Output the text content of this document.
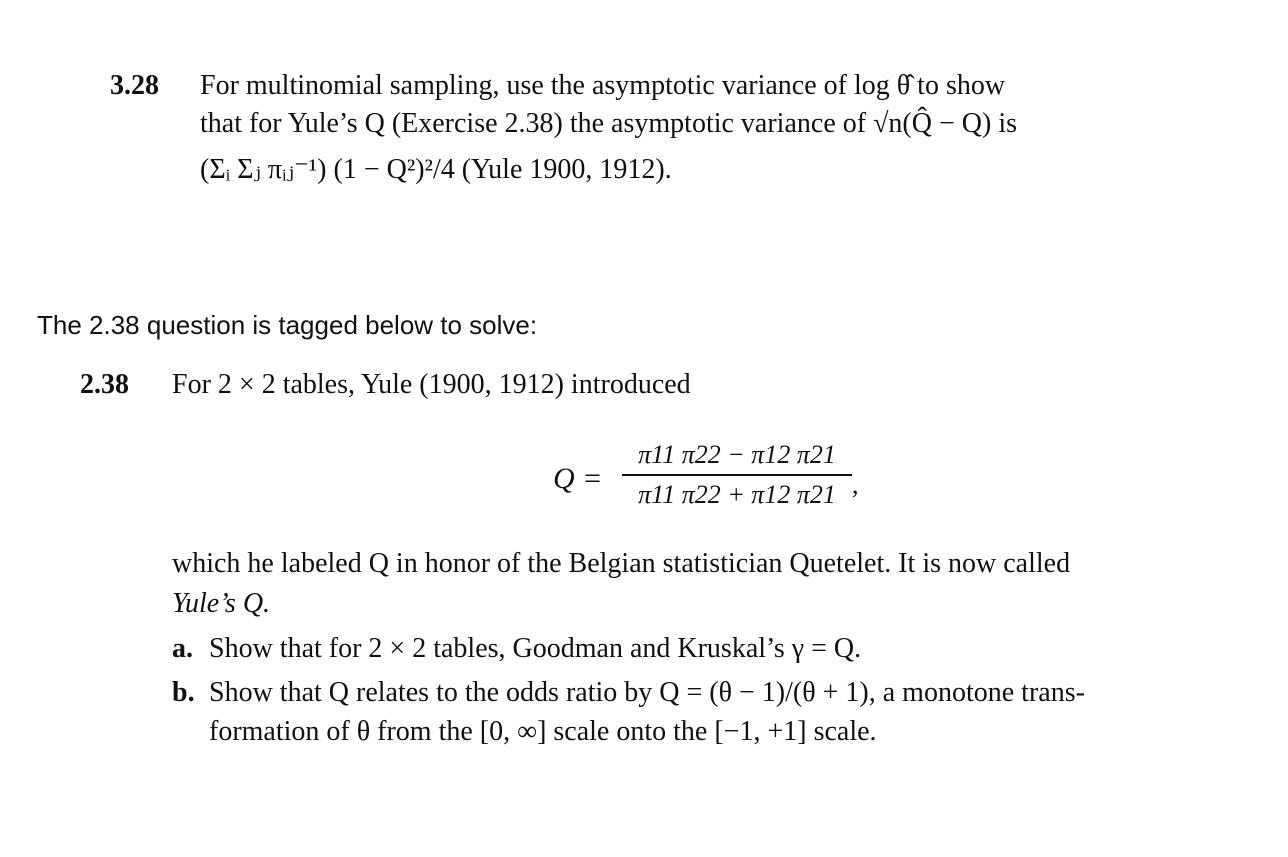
3.28 For multinomial sampling, use the asymptotic variance of log θ̂ to show
that for Yule’s Q (Exercise 2.38) the asymptotic variance of √n(Q̂ − Q) is
(Σᵢ Σⱼ πᵢⱼ⁻¹) (1 − Q²)²/4 (Yule 1900, 1912).
The 2.38 question is tagged below to solve:
2.38 For 2 × 2 tables, Yule (1900, 1912) introduced
Q =
π11 π22 − π12 π21
π11 π22 + π12 π21 ,
which he labeled Q in honor of the Belgian statistician Quetelet. It is now called
Yule’s Q.
a. Show that for 2 × 2 tables, Goodman and Kruskal’s γ = Q.
b. Show that Q relates to the odds ratio by Q = (θ − 1)/(θ + 1), a monotone trans-
formation of θ from the [0, ∞] scale onto the [−1, +1] scale.
